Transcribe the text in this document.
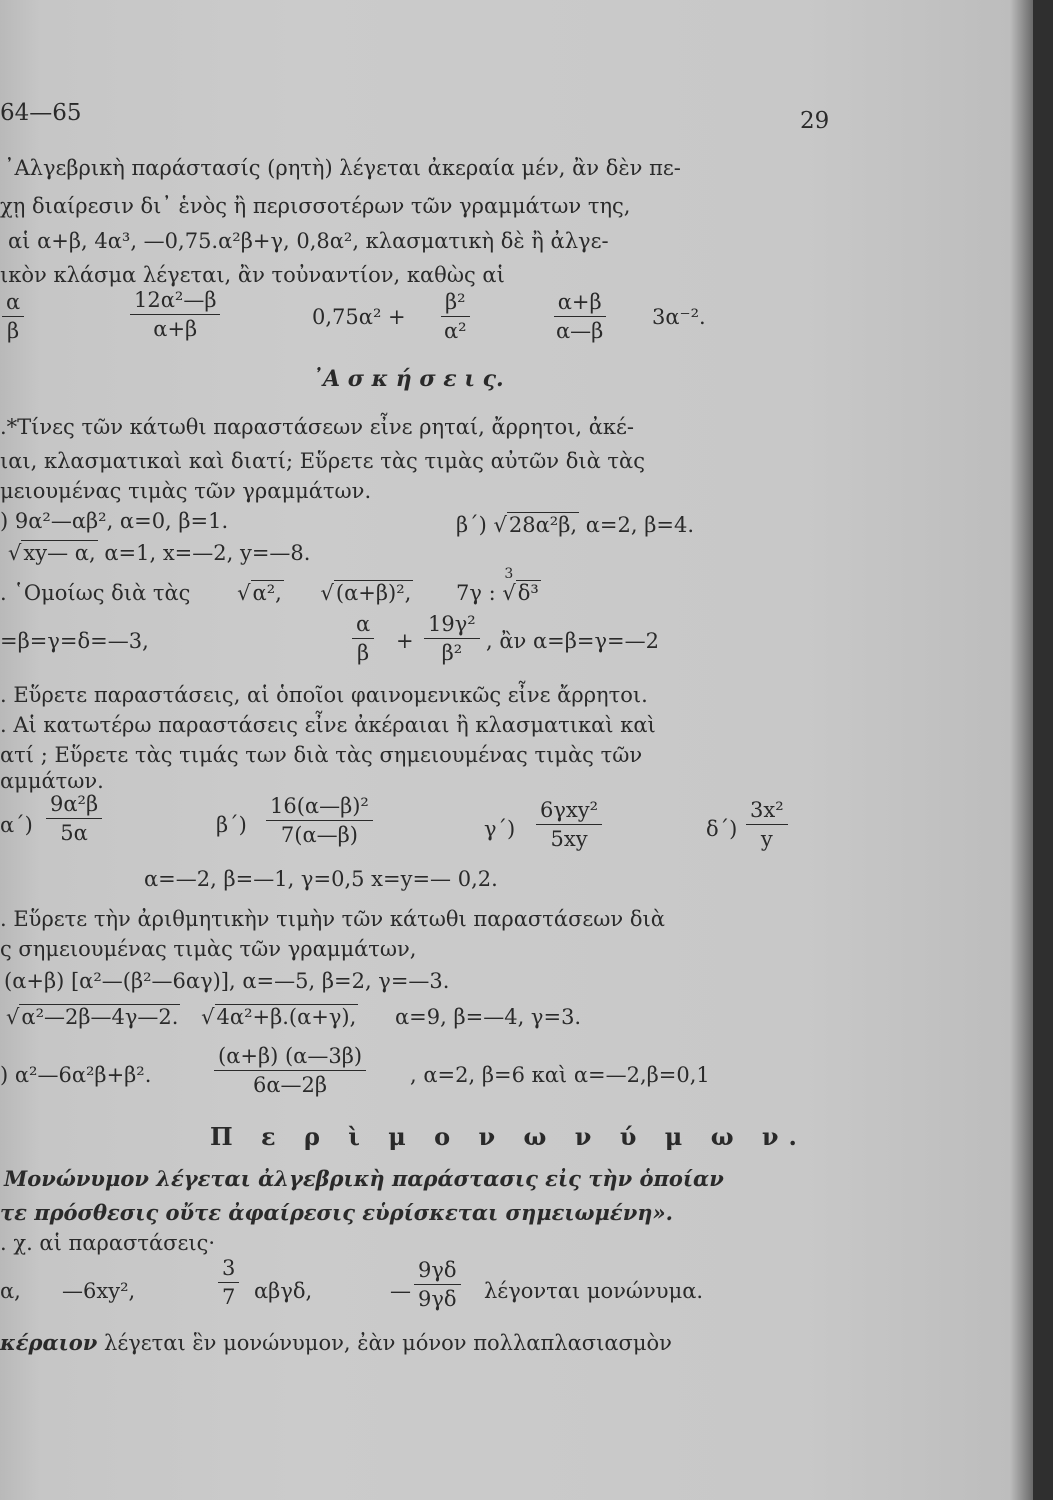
64—65	29
᾿Αλγεβρικὴ παράστασίς (ρητὴ) λέγεται ἀκεραία μέν, ἂν δὲν πε-
χῃ διαίρεσιν δι᾿ ἑνὸς ἢ περισσοτέρων τῶν γραμμάτων της,
αἱ α+β, 4α³, —0,75.α²β+γ, 0,8α², κλασματικὴ δὲ ἢ ἀλγε-
ικὸν κλάσμα λέγεται, ἂν τοὐναντίον, καθὼς αἱ
$\frac{\alpha}{\beta}$	$\frac{\text{12α²—β}}{\alpha+\beta}$	$0,75\alpha^2 + \frac{\text{β²}}{\text{α²}}$	$\frac{\alpha+\beta}{\alpha—\beta} 3\alpha^{-2}$.
᾿Α σ κ ή σ ε ι ς.
.*Τίνες τῶν κάτωθι παραστάσεων εἶνε ρηταί, ἄρρητοι, ἀκέ-
ιαι, κλασματικαὶ καὶ διατί; Εὕρετε τὰς τιμὰς αὐτῶν διὰ τὰς
μειουμένας τιμὰς τῶν γραμμάτων.
) 9α²—αβ², α=0, β=1.	β΄) √28α²β, α=2, β=4.
√xy— α, α=1, x=—2, y=—8.
. ῾Ομοίως διὰ τὰς √α², √(α+β)², 7γ : √δ³
3
=β=γ=δ=—3,	$\frac{\alpha}{\beta} + \frac{\text{19γ²}}{\text{β²}}$ , ἂν α=β=γ=—2
. Εὕρετε παραστάσεις, αἱ ὁποῖοι φαινομενικῶς εἶνε ἄρρητοι.
. Αἱ κατωτέρω παραστάσεις εἶνε ἀκέραιαι ἢ κλασματικαὶ καὶ
ατί ; Εὕρετε τὰς τιμάς των διὰ τὰς σημειουμένας τιμὰς τῶν
αμμάτων.
$\alpha΄) \frac{\text{9α²β}}{5\alpha}$	$\beta΄) \frac{\text{16(α—β)²}}{7(\alpha—\beta)}$	γ΄)
6γxy²
5xy	$\delta΄) \frac{\text{3x²}}{y}$
α=—2, β=—1, γ=0,5 x=y=— 0,2.
. Εὕρετε τὴν ἀριθμητικὴν τιμὴν τῶν κάτωθι παραστάσεων διὰ
ς σημειουμένας τιμὰς τῶν γραμμάτων,
(α+β) [α²—(β²—6αγ)], α=—5, β=2, γ=—3.
√α²—2β—4γ—2. √4α²+β.(α+γ), α=9, β=—4, γ=3.
) α²—6α²β+β².	$\frac{(\alpha+\beta) (\alpha—3\beta)}{6\alpha—2\beta}$ , α=2, β=6 καὶ α=—2,β=0,1
Π ε ρ ὶ μ ο ν ω ν ύ μ ω ν.
Μονώνυμον λέγεται ἀλγεβρικὴ παράστασις εἰς τὴν ὁποίαν
τε πρόσθεσις οὔτε ἀφαίρεσις εὑρίσκεται σημειωμένη».
. χ. αἱ παραστάσεις·
α, —6xy²,	$\frac{3}{7} \alpha\beta\gamma\delta$,	— $\frac{9\gamma\delta}{9\gamma\delta}$ λέγονται μονώνυμα.
κέραιον λέγεται ἓν μονώνυμον, ἐὰν μόνον πολλαπλασιασμὸν
